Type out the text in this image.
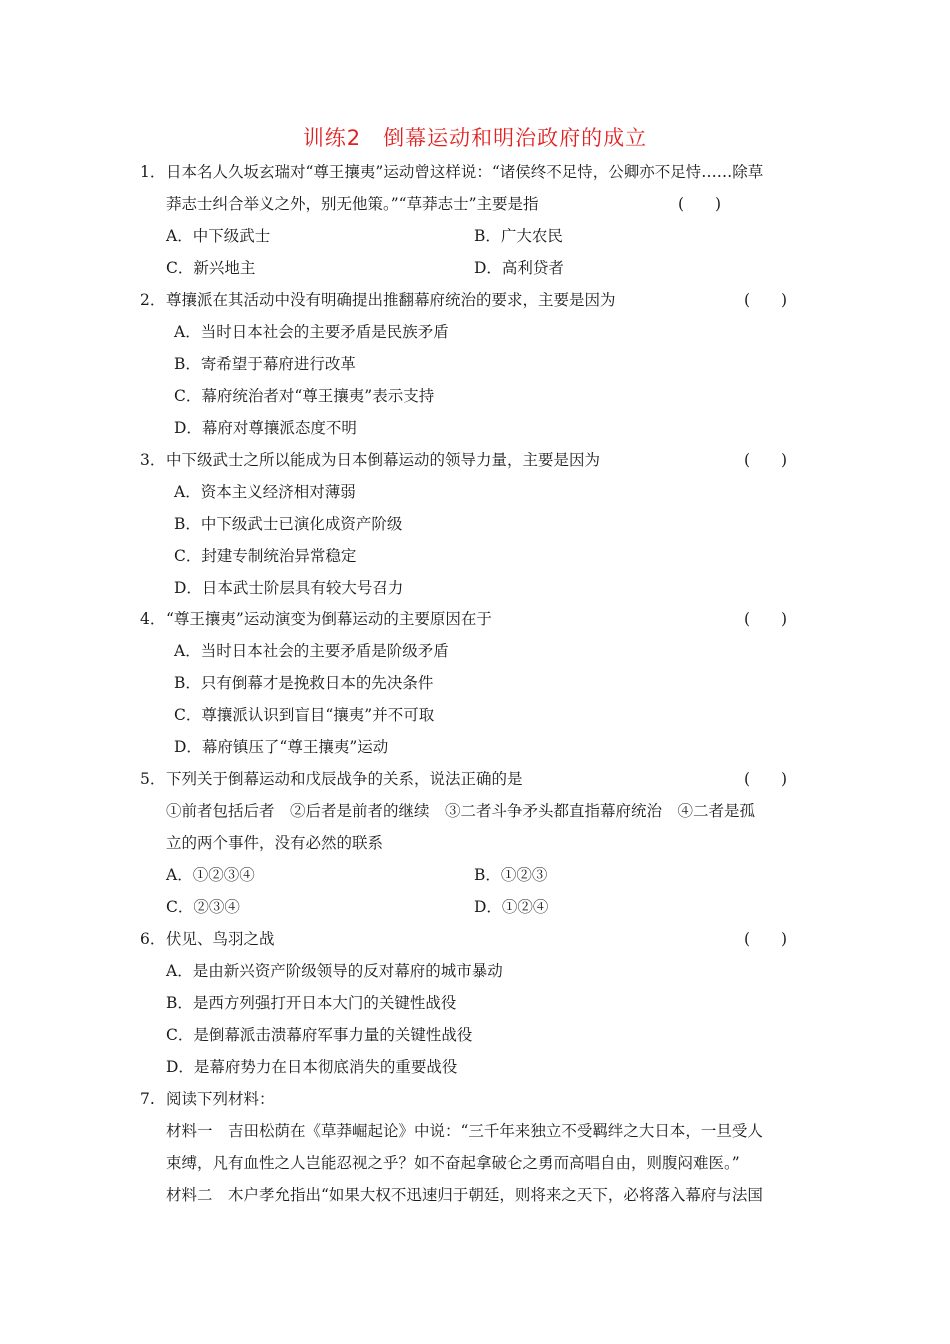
训练2　倒幕运动和明治政府的成立
1．日本名人久坂玄瑞对“尊王攘夷”运动曾这样说：“诸侯终不足恃，公卿亦不足恃……除草
莽志士纠合举义之外，别无他策。”“草莽志士”主要是指	(　　)
A．中下级武士	B．广大农民
C．新兴地主	D．高利贷者
2．尊攘派在其活动中没有明确提出推翻幕府统治的要求，主要是因为	(　　)
A．当时日本社会的主要矛盾是民族矛盾
B．寄希望于幕府进行改革
C．幕府统治者对“尊王攘夷”表示支持
D．幕府对尊攘派态度不明
3．中下级武士之所以能成为日本倒幕运动的领导力量，主要是因为	(　　)
A．资本主义经济相对薄弱
B．中下级武士已演化成资产阶级
C．封建专制统治异常稳定
D．日本武士阶层具有较大号召力
4．“尊王攘夷”运动演变为倒幕运动的主要原因在于	(　　)
A．当时日本社会的主要矛盾是阶级矛盾
B．只有倒幕才是挽救日本的先决条件
C．尊攘派认识到盲目“攘夷”并不可取
D．幕府镇压了“尊王攘夷”运动
5．下列关于倒幕运动和戊辰战争的关系，说法正确的是	(　　)
①前者包括后者　②后者是前者的继续　③二者斗争矛头都直指幕府统治　④二者是孤
立的两个事件，没有必然的联系
A．①②③④	B．①②③
C．②③④	D．①②④
6．伏见、鸟羽之战	(　　)
A．是由新兴资产阶级领导的反对幕府的城市暴动
B．是西方列强打开日本大门的关键性战役
C．是倒幕派击溃幕府军事力量的关键性战役
D．是幕府势力在日本彻底消失的重要战役
7. 阅读下列材料：
材料一　吉田松荫在《草莽崛起论》中说：“三千年来独立不受羁绊之大日本，一旦受人
束缚，凡有血性之人岂能忍视之乎？如不奋起拿破仑之勇而高唱自由，则腹闷难医。”
材料二　木户孝允指出“如果大权不迅速归于朝廷，则将来之天下，必将落入幕府与法国
